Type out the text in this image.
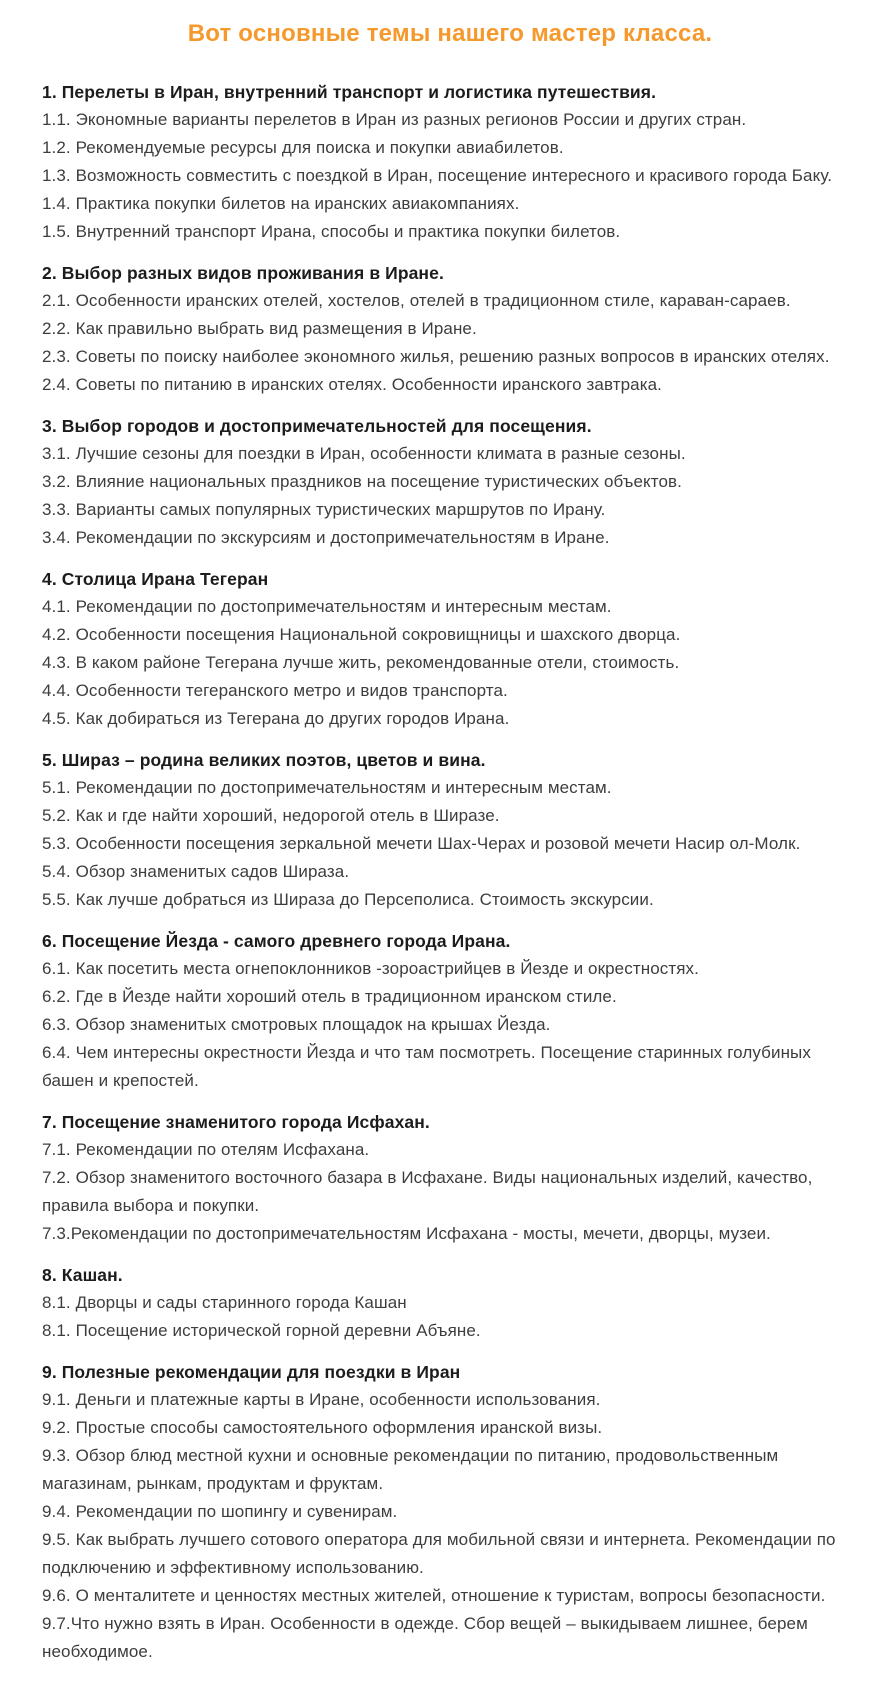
Вот основные темы нашего мастер класса.
1. Перелеты в Иран, внутренний транспорт и логистика путешествия.

1.1. Экономные варианты перелетов в Иран из разных регионов России и других стран.

1.2. Рекомендуемые ресурсы для поиска и покупки авиабилетов.

1.3. Возможность совместить с поездкой в Иран, посещение интересного и красивого города Баку.

1.4. Практика покупки билетов на иранских авиакомпаниях.

1.5. Внутренний транспорт Ирана, способы и практика покупки билетов.

2. Выбор разных видов проживания в Иране.

2.1. Особенности иранских отелей, хостелов, отелей в традиционном стиле, караван-сараев.

2.2. Как правильно выбрать вид размещения в Иране.

2.3. Советы по поиску наиболее экономного жилья, решению разных вопросов в иранских отелях.

2.4. Советы по питанию в иранских отелях. Особенности иранского завтрака.

3. Выбор городов и достопримечательностей для посещения.

3.1. Лучшие сезоны для поездки в Иран, особенности климата в разные сезоны.

3.2. Влияние национальных праздников на посещение туристических объектов.

3.3. Варианты самых популярных туристических маршрутов по Ирану.

3.4. Рекомендации по экскурсиям и достопримечательностям в Иране.

4. Столица Ирана Тегеран

4.1. Рекомендации по достопримечательностям и интересным местам.

4.2. Особенности посещения Национальной сокровищницы и шахского дворца.

4.3. В каком районе Тегерана лучше жить, рекомендованные отели, стоимость.

4.4. Особенности тегеранского метро и видов транспорта.

4.5. Как добираться из Тегерана до других городов Ирана.

5. Шираз – родина великих поэтов, цветов и вина.

5.1. Рекомендации по достопримечательностям и интересным местам.

5.2. Как и где найти хороший, недорогой отель в Ширазе.

5.3. Особенности посещения зеркальной мечети Шах-Черах и розовой мечети Насир ол-Молк.

5.4. Обзор знаменитых садов Шираза.

5.5. Как лучше добраться из Шираза до Персеполиса. Стоимость экскурсии.

6. Посещение Йезда - самого древнего города Ирана.

6.1. Как посетить места огнепоклонников -зороастрийцев в Йезде и окрестностях.

6.2. Где в Йезде найти хороший отель в традиционном иранском стиле.

6.3. Обзор знаменитых смотровых площадок на крышах Йезда.

6.4. Чем интересны окрестности Йезда и что там посмотреть. Посещение старинных голубиных башен и крепостей.

7. Посещение знаменитого города Исфахан.

7.1. Рекомендации по отелям Исфахана.

7.2. Обзор знаменитого восточного базара в Исфахане. Виды национальных изделий, качество, правила выбора и покупки.

7.3.Рекомендации по достопримечательностям Исфахана - мосты, мечети, дворцы, музеи.

8. Кашан.

8.1. Дворцы и сады старинного города Кашан

8.1. Посещение исторической горной деревни Абъяне.

9. Полезные рекомендации для поездки в Иран

9.1. Деньги и платежные карты в Иране, особенности использования.

9.2. Простые способы самостоятельного оформления иранской визы.

9.3. Обзор блюд местной кухни и основные рекомендации по питанию, продовольственным магазинам, рынкам, продуктам и фруктам.

9.4. Рекомендации по шопингу и сувенирам.

9.5. Как выбрать лучшего сотового оператора для мобильной связи и интернета. Рекомендации по подключению и эффективному использованию.

9.6. О менталитете и ценностях местных жителей, отношение к туристам, вопросы безопасности.

9.7.Что нужно взять в Иран. Особенности в одежде. Сбор вещей – выкидываем лишнее, берем необходимое.
